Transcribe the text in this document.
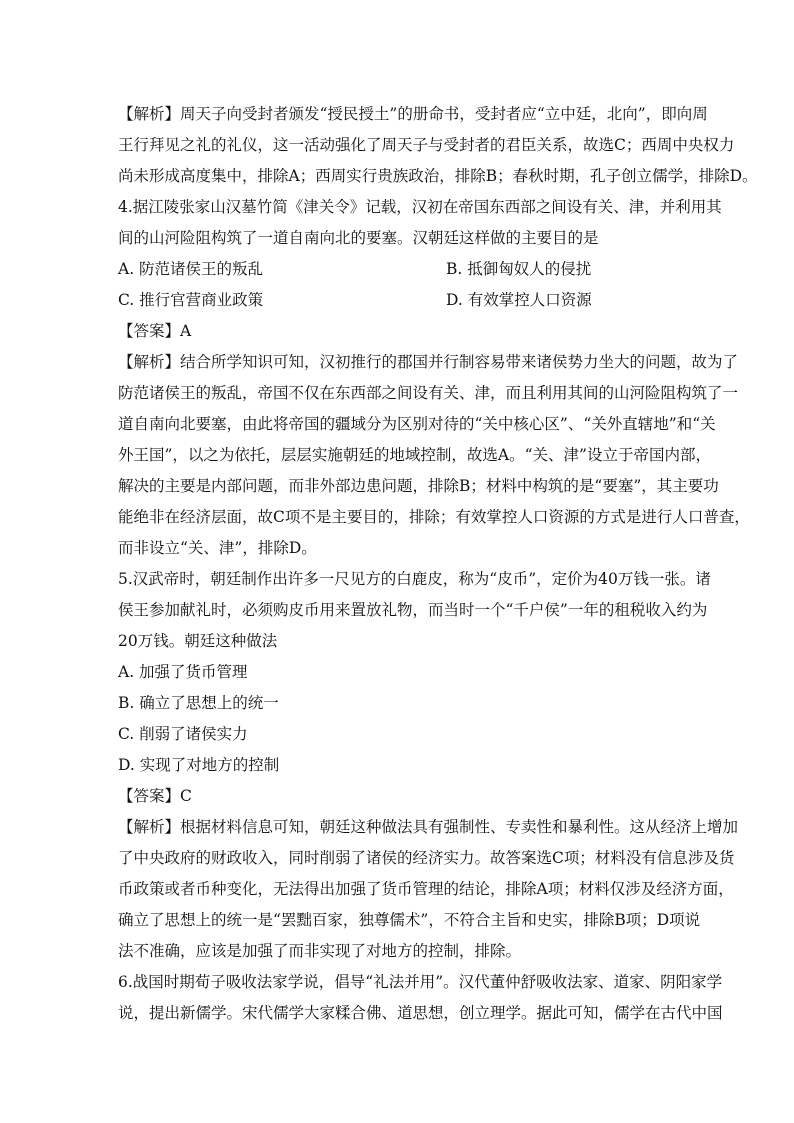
【解析】周天子向受封者颁发“授民授土”的册命书，受封者应“立中廷，北向”，即向周
王行拜见之礼的礼仪，这一活动强化了周天子与受封者的君臣关系，故选C；西周中央权力
尚未形成高度集中，排除A；西周实行贵族政治，排除B；春秋时期，孔子创立儒学，排除D。
4.据江陵张家山汉墓竹简《津关令》记载，汉初在帝国东西部之间设有关、津，并利用其
间的山河险阻构筑了一道自南向北的要塞。汉朝廷这样做的主要目的是
A. 防范诸侯王的叛乱	B. 抵御匈奴人的侵扰
C. 推行官营商业政策	D. 有效掌控人口资源
【答案】A
【解析】结合所学知识可知，汉初推行的郡国并行制容易带来诸侯势力坐大的问题，故为了
防范诸侯王的叛乱，帝国不仅在东西部之间设有关、津，而且利用其间的山河险阻构筑了一
道自南向北要塞，由此将帝国的疆域分为区别对待的“关中核心区”、“关外直辖地”和“关
外王国”，以之为依托，层层实施朝廷的地域控制，故选A。“关、津”设立于帝国内部，
解决的主要是内部问题，而非外部边患问题，排除B；材料中构筑的是“要塞”，其主要功
能绝非在经济层面，故C项不是主要目的，排除；有效掌控人口资源的方式是进行人口普查，
而非设立“关、津”，排除D。
5.汉武帝时，朝廷制作出许多一尺见方的白鹿皮，称为“皮币”，定价为40万钱一张。诸
侯王参加献礼时，必须购皮币用来置放礼物，而当时一个“千户侯”一年的租税收入约为
20万钱。朝廷这种做法
A. 加强了货币管理
B. 确立了思想上的统一
C. 削弱了诸侯实力
D. 实现了对地方的控制
【答案】C
【解析】根据材料信息可知，朝廷这种做法具有强制性、专卖性和暴利性。这从经济上增加
了中央政府的财政收入，同时削弱了诸侯的经济实力。故答案选C项；材料没有信息涉及货
币政策或者币种变化，无法得出加强了货币管理的结论，排除A项；材料仅涉及经济方面，
确立了思想上的统一是“罢黜百家，独尊儒术”，不符合主旨和史实，排除B项；D项说
法不准确，应该是加强了而非实现了对地方的控制，排除。
6.战国时期荀子吸收法家学说，倡导“礼法并用”。汉代董仲舒吸收法家、道家、阴阳家学
说，提出新儒学。宋代儒学大家糅合佛、道思想，创立理学。据此可知，儒学在古代中国
